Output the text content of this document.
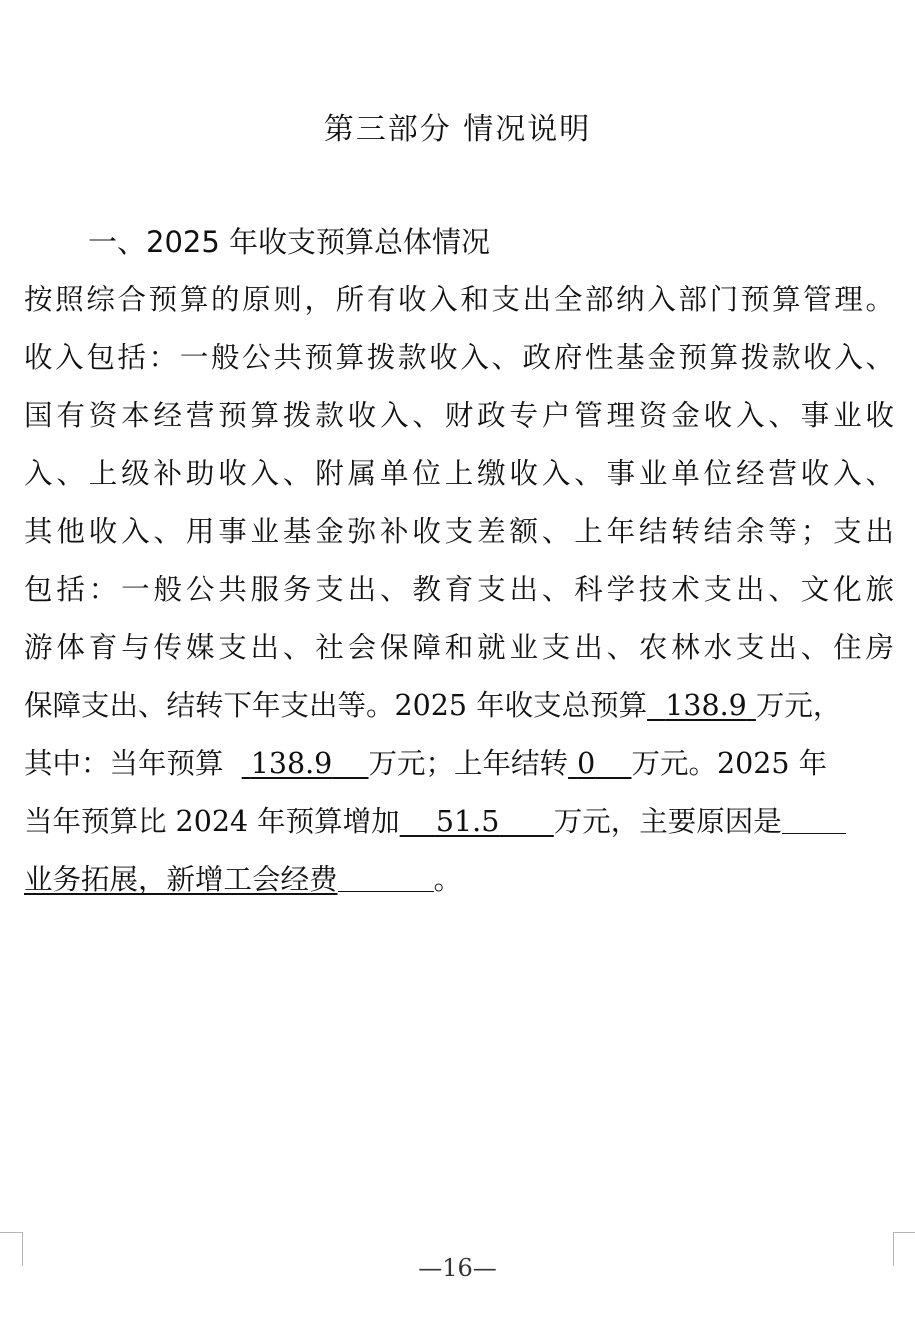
第三部分 情况说明
一、2025 年收支预算总体情况
按照综合预算的原则，所有收入和支出全部纳入部门预算管理。
收入包括：一般公共预算拨款收入、政府性基金预算拨款收入、
国有资本经营预算拨款收入、财政专户管理资金收入、事业收
入、上级补助收入、附属单位上缴收入、事业单位经营收入、
其他收入、用事业基金弥补收支差额、上年结转结余等；支出
包括：一般公共服务支出、教育支出、科学技术支出、文化旅
游体育与传媒支出、社会保障和就业支出、农林水支出、住房
保障支出、结转下年支出等。2025 年收支总预算 138.9 万元，
其中：当年预算 138.9 万元；上年结转 0 万元。2025 年
当年预算比 2024 年预算增加 51.5 万元，主要原因是
业务拓展，新增工会经费	。
—16—
